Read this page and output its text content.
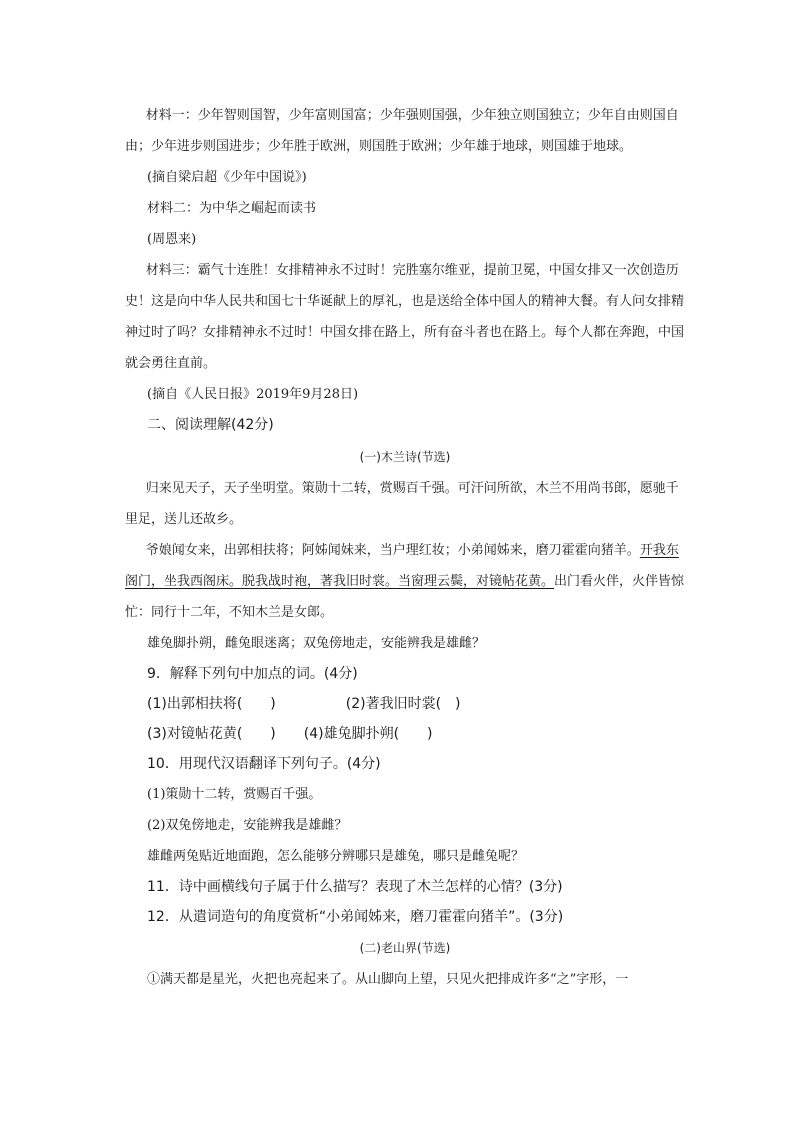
材料一：少年智则国智，少年富则国富；少年强则国强，少年独立则国独立；少年自由则国自由；少年进步则国进步；少年胜于欧洲，则国胜于欧洲；少年雄于地球，则国雄于地球。

(摘自梁启超《少年中国说》)

材料二：为中华之崛起而读书

(周恩来)

材料三：霸气十连胜！女排精神永不过时！完胜塞尔维亚，提前卫冕，中国女排又一次创造历史！这是向中华人民共和国七十华诞献上的厚礼，也是送给全体中国人的精神大餐。有人问女排精神过时了吗？女排精神永不过时！中国女排在路上，所有奋斗者也在路上。每个人都在奔跑，中国就会勇往直前。

(摘自《人民日报》2019年9月28日)

二、阅读理解(42分)

(一)木兰诗(节选)

归来见天子，天子坐明堂。策勋十二转，赏赐百千强。可汗问所欲，木兰不用尚书郎，愿驰千里足，送儿还故乡。

爷娘闻女来，出郭相扶将；阿姊闻妹来，当户理红妆；小弟闻姊来，磨刀霍霍向猪羊。开我东阁门，坐我西阁床。脱我战时袍，著我旧时裳。当窗理云鬓，对镜帖花黄。出门看火伴，火伴皆惊忙：同行十二年，不知木兰是女郎。

雄兔脚扑朔，雌兔眼迷离；双兔傍地走，安能辨我是雄雌？

9．解释下列句中加点的词。(4分)

(1)出郭相扶将(　　)	(2)著我旧时裳(　)

(3)对镜帖花黄(　　) (4)雄兔脚扑朔(　　)

10．用现代汉语翻译下列句子。(4分)

(1)策勋十二转，赏赐百千强。

(2)双兔傍地走，安能辨我是雄雌？

雄雌两兔贴近地面跑，怎么能够分辨哪只是雄兔，哪只是雌兔呢？

11．诗中画横线句子属于什么描写？表现了木兰怎样的心情？(3分)

12．从遣词造句的角度赏析“小弟闻姊来，磨刀霍霍向猪羊”。(3分)

(二)老山界(节选)

①满天都是星光，火把也亮起来了。从山脚向上望，只见火把排成许多“之”字形，一
